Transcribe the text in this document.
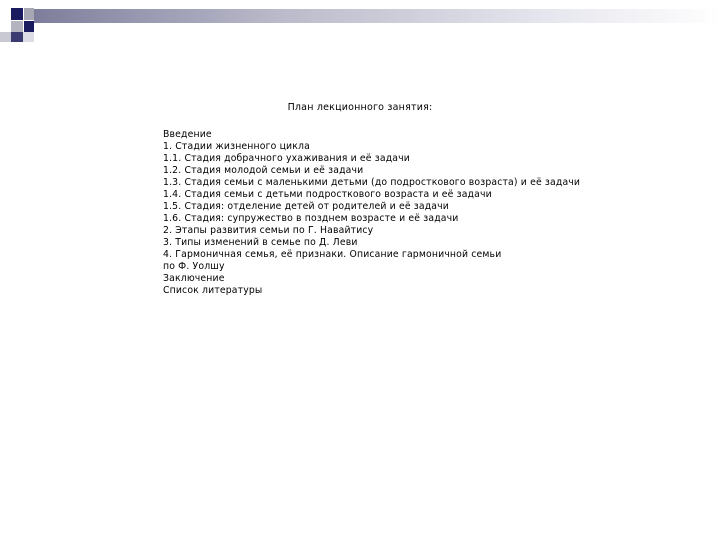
План лекционного занятия:
Введение
1. Стадии жизненного цикла
1.1. Стадия добрачного ухаживания и её задачи
1.2. Стадия молодой семьи и её задачи
1.3. Стадия семьи с маленькими детьми (до подросткового возраста) и её задачи
1.4. Стадия семьи с детьми подросткового возраста и её задачи
1.5. Стадия: отделение детей от родителей и её задачи
1.6. Стадия: супружество в позднем возрасте и её задачи
2. Этапы развития семьи по Г. Навайтису
3. Типы изменений в семье по Д. Леви
4. Гармоничная семья, её признаки. Описание гармоничной семьи
по Ф. Уолшу
Заключение
Список литературы
